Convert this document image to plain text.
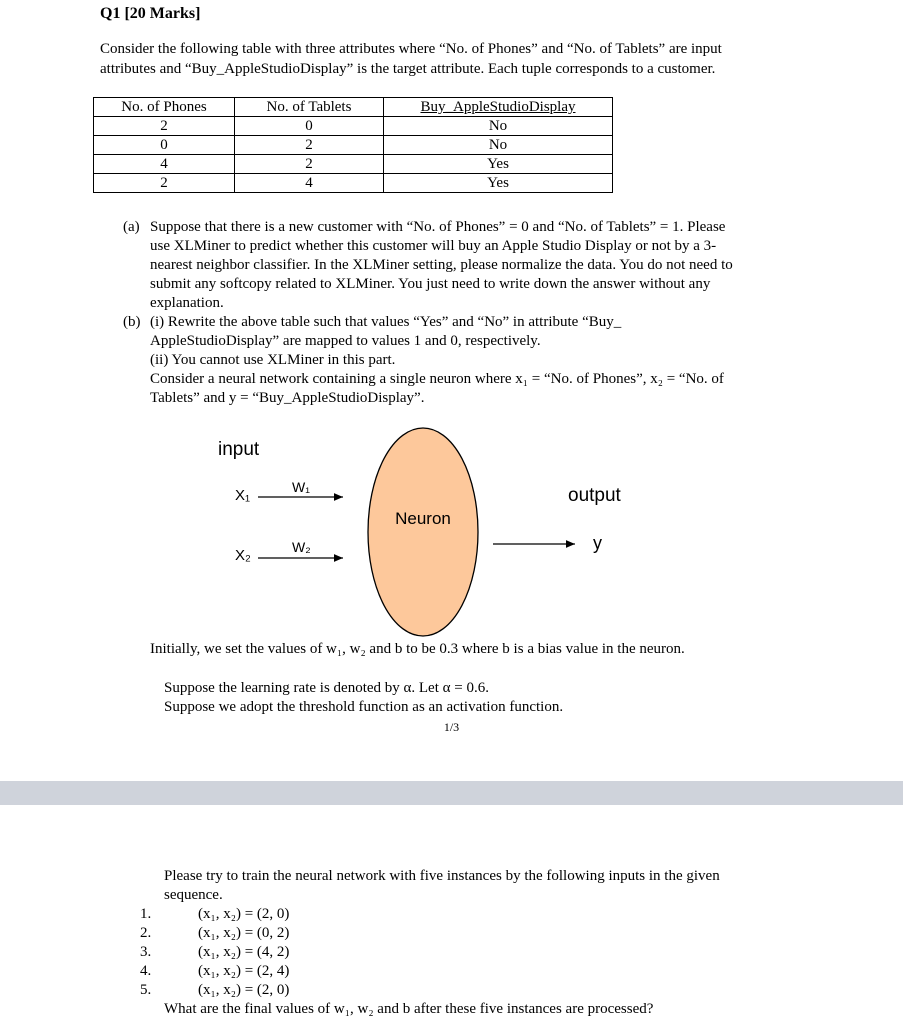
Q1 [20 Marks]
Consider the following table with three attributes where “No. of Phones” and “No. of Tablets” are input
attributes and “Buy_AppleStudioDisplay” is the target attribute. Each tuple corresponds to a customer.
No. of Phones	No. of Tablets	Buy_AppleStudioDisplay
2	0	No
0	2	No
4	2	Yes
2	4	Yes
(a) Suppose that there is a new customer with “No. of Phones” = 0 and “No. of Tablets” = 1. Please
use XLMiner to predict whether this customer will buy an Apple Studio Display or not by a 3-
nearest neighbor classifier. In the XLMiner setting, please normalize the data. You do not need to
submit any softcopy related to XLMiner. You just need to write down the answer without any
explanation.
(b) (i) Rewrite the above table such that values “Yes” and “No” in attribute “Buy_
AppleStudioDisplay” are mapped to values 1 and 0, respectively.
(ii) You cannot use XLMiner in this part.
Consider a neural network containing a single neuron where x₁ = “No. of Phones”, x₂ = “No. of
Tablets” and y = “Buy_AppleStudioDisplay”.
input
X₁	W₁
X₂	W₂
Neuron
output
y
Initially, we set the values of w₁, w₂ and b to be 0.3 where b is a bias value in the neuron.
Suppose the learning rate is denoted by α. Let α = 0.6.
Suppose we adopt the threshold function as an activation function.
1/3
Please try to train the neural network with five instances by the following inputs in the given
sequence.
1.	(x₁, x₂) = (2, 0)
2.	(x₁, x₂) = (0, 2)
3.	(x₁, x₂) = (4, 2)
4.	(x₁, x₂) = (2, 4)
5.	(x₁, x₂) = (2, 0)
What are the final values of w₁, w₂ and b after these five instances are processed?
